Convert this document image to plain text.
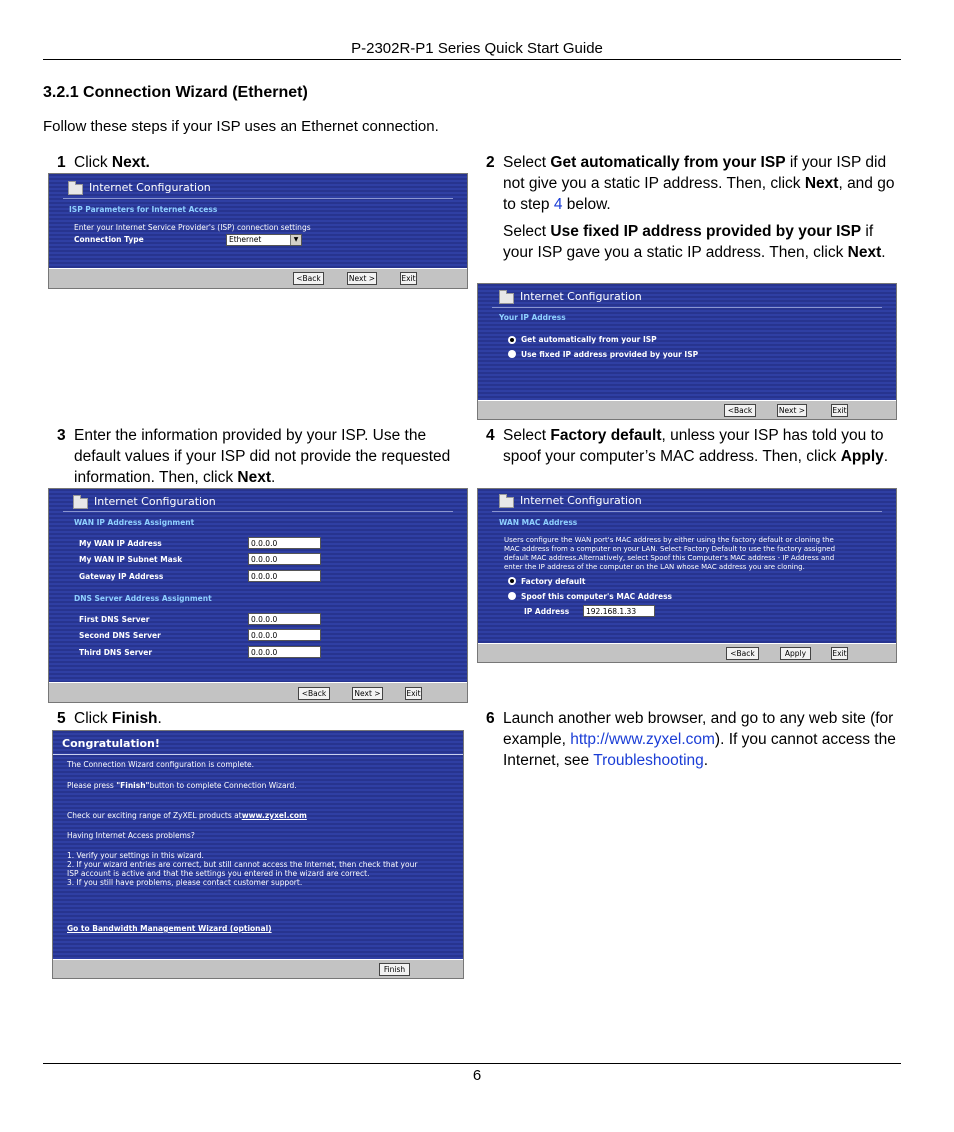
P-2302R-P1 Series Quick Start Guide
3.2.1 Connection Wizard (Ethernet)
Follow these steps if your ISP uses an Ethernet connection.
1 Click Next.
Internet Configuration
ISP Parameters for Internet Access
Enter your Internet Service Provider's (ISP) connection settings
Connection Type	Ethernet	▼
<Back	Next >	Exit
2 Select Get automatically from your ISP if your ISP did not give you a static IP address. Then, click Next, and go to step 4 below.
Select Use fixed IP address provided by your ISP if your ISP gave you a static IP address. Then, click Next.
Internet Configuration
Your IP Address
Get automatically from your ISP
Use fixed IP address provided by your ISP
<Back	Next >	Exit
3 Enter the information provided by your ISP. Use the default values if your ISP did not provide the requested information. Then, click Next.
Internet Configuration
WAN IP Address Assignment
My WAN IP Address	0.0.0.0
My WAN IP Subnet Mask	0.0.0.0
Gateway IP Address	0.0.0.0
DNS Server Address Assignment
First DNS Server	0.0.0.0
Second DNS Server	0.0.0.0
Third DNS Server	0.0.0.0
<Back	Next >	Exit
4 Select Factory default, unless your ISP has told you to spoof your computer’s MAC address. Then, click Apply.
Internet Configuration
WAN MAC Address
Users configure the WAN port's MAC address by either using the factory default or cloning the
MAC address from a computer on your LAN. Select Factory Default to use the factory assigned
default MAC address.Alternatively, select Spoof this Computer's MAC address - IP Address and
enter the IP address of the computer on the LAN whose MAC address you are cloning.
Factory default
Spoof this computer's MAC Address
IP Address	192.168.1.33
<Back	Apply	Exit
5 Click Finish.
Congratulation!
The Connection Wizard configuration is complete.
Please press "Finish"button to complete Connection Wizard.
Check our exciting range of ZyXEL products atwww.zyxel.com
Having Internet Access problems?
1. Verify your settings in this wizard.
2. If your wizard entries are correct, but still cannot access the Internet, then check that your
ISP account is active and that the settings you entered in the wizard are correct.
3. If you still have problems, please contact customer support.
Go to Bandwidth Management Wizard (optional)
Finish
6 Launch another web browser, and go to any web site (for example, http://www.zyxel.com). If you cannot access the Internet, see Troubleshooting.
6
